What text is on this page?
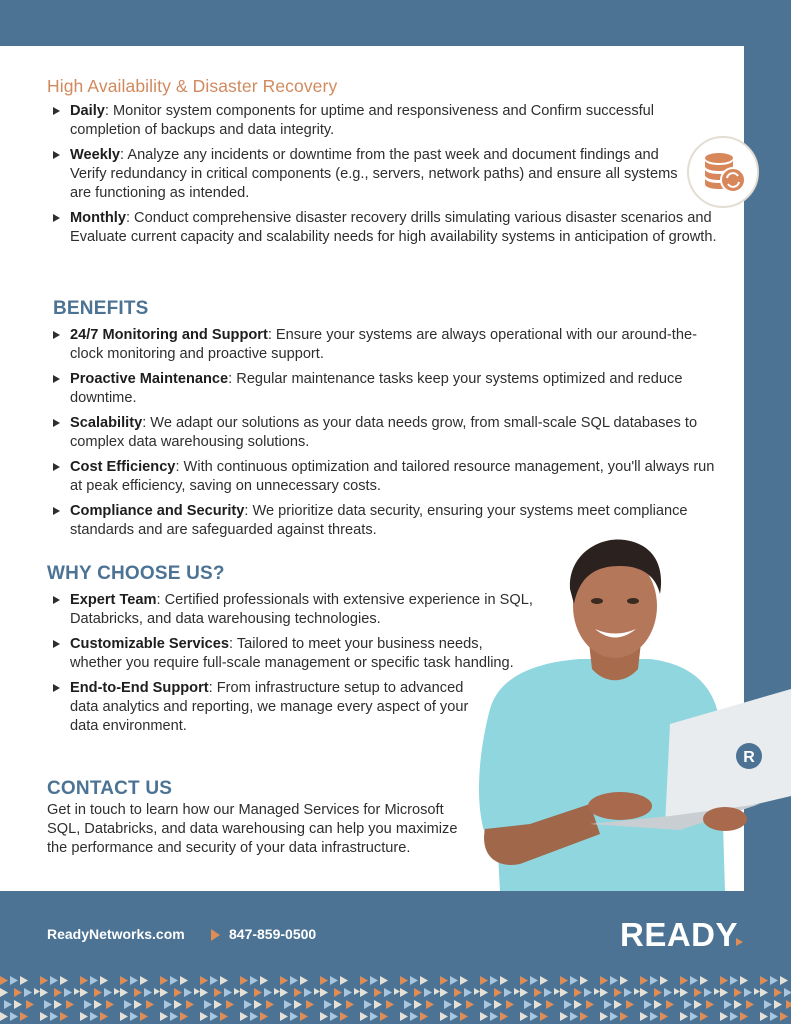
High Availability & Disaster Recovery
Daily: Monitor system components for uptime and responsiveness and Confirm successful completion of backups and data integrity.
Weekly: Analyze any incidents or downtime from the past week and document findings and Verify redundancy in critical components (e.g., servers, network paths) and ensure all systems are functioning as intended.
Monthly: Conduct comprehensive disaster recovery drills simulating various disaster scenarios and Evaluate current capacity and scalability needs for high availability systems in anticipation of growth.
BENEFITS
24/7 Monitoring and Support: Ensure your systems are always operational with our around-the-clock monitoring and proactive support.
Proactive Maintenance: Regular maintenance tasks keep your systems optimized and reduce downtime.
Scalability: We adapt our solutions as your data needs grow, from small-scale SQL databases to complex data warehousing solutions.
Cost Efficiency: With continuous optimization and tailored resource management, you'll always run at peak efficiency, saving on unnecessary costs.
Compliance and Security: We prioritize data security, ensuring your systems meet compliance standards and are safeguarded against threats.
WHY CHOOSE US?
Expert Team: Certified professionals with extensive experience in SQL, Databricks, and data warehousing technologies.
Customizable Services: Tailored to meet your business needs, whether you require full-scale management or specific task handling.
End-to-End Support: From infrastructure setup to advanced data analytics and reporting, we manage every aspect of your data environment.
CONTACT US
Get in touch to learn how our Managed Services for Microsoft SQL, Databricks, and data warehousing can help you maximize the performance and security of your data infrastructure.
R
ReadyNetworks.com	847-859-0500	READY
